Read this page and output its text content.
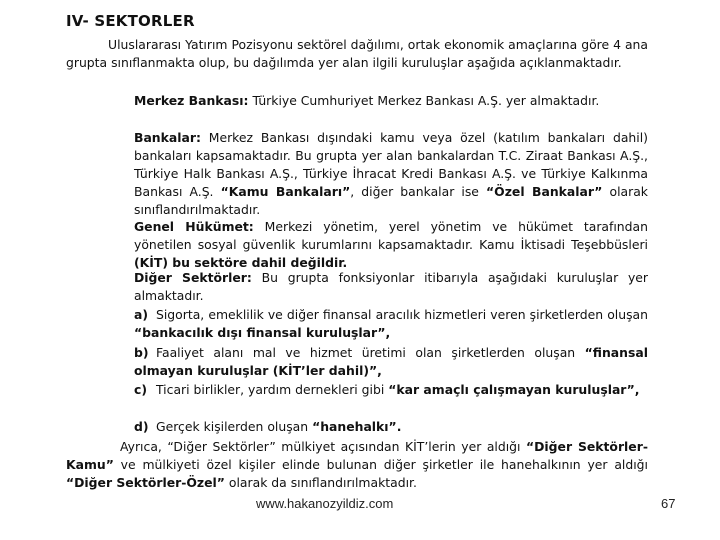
IV- SEKTORLER
Uluslararası Yatırım Pozisyonu sektörel dağılımı, ortak ekonomik amaçlarına göre 4 ana grupta sınıflanmakta olup, bu dağılımda yer alan ilgili kuruluşlar aşağıda açıklanmaktadır.
Merkez Bankası: Türkiye Cumhuriyet Merkez Bankası A.Ş. yer almaktadır.
Bankalar: Merkez Bankası dışındaki kamu veya özel (katılım bankaları dahil) bankaları kapsamaktadır. Bu grupta yer alan bankalardan T.C. Ziraat Bankası A.Ş., Türkiye Halk Bankası A.Ş., Türkiye İhracat Kredi Bankası A.Ş. ve Türkiye Kalkınma Bankası A.Ş. “Kamu Bankaları”, diğer bankalar ise “Özel Bankalar” olarak sınıflandırılmaktadır.
Genel Hükümet: Merkezi yönetim, yerel yönetim ve hükümet tarafından yönetilen sosyal güvenlik kurumlarını kapsamaktadır. Kamu İktisadi Teşebbüsleri (KİT) bu sektöre dahil değildir.
Diğer Sektörler: Bu grupta fonksiyonlar itibarıyla aşağıdaki kuruluşlar yer almaktadır.
a) Sigorta, emeklilik ve diğer finansal aracılık hizmetleri veren şirketlerden oluşan “bankacılık dışı finansal kuruluşlar”,
b) Faaliyet alanı mal ve hizmet üretimi olan şirketlerden oluşan “finansal olmayan kuruluşlar (KİT’ler dahil)”,
c) Ticari birlikler, yardım dernekleri gibi “kar amaçlı çalışmayan kuruluşlar”,
d) Gerçek kişilerden oluşan “hanehalkı”.
Ayrıca, “Diğer Sektörler” mülkiyet açısından KİT’lerin yer aldığı “Diğer Sektörler-Kamu” ve mülkiyeti özel kişiler elinde bulunan diğer şirketler ile hanehalkının yer aldığı “Diğer Sektörler-Özel” olarak da sınıflandırılmaktadır.
www.hakanozyildiz.com	67
